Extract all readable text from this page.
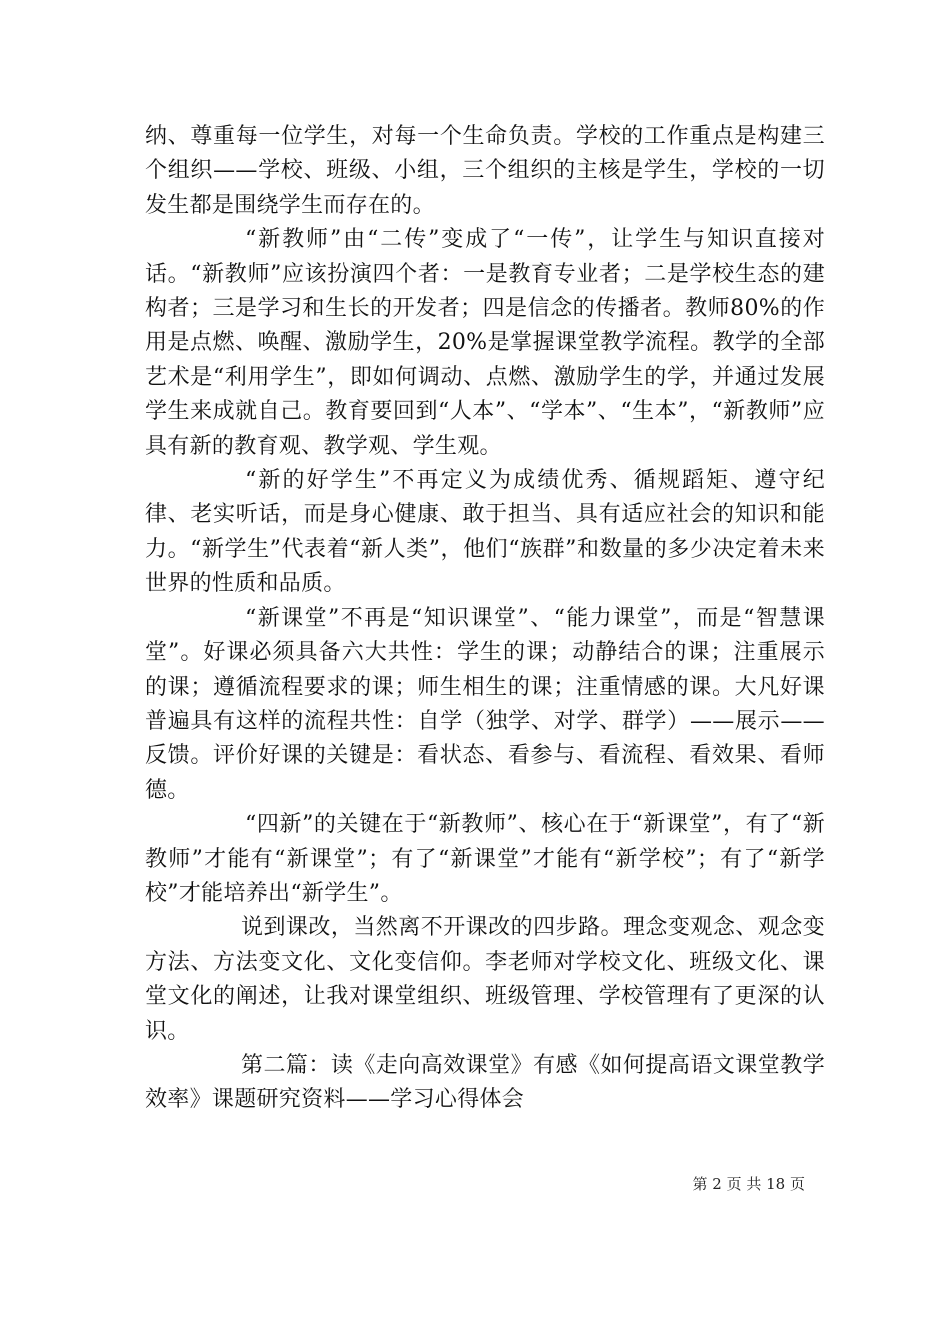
纳、尊重每一位学生，对每一个生命负责。学校的工作重点是构建三个组织——学校、班级、小组，三个组织的主核是学生，学校的一切发生都是围绕学生而存在的。

“新教师”由“二传”变成了“一传”，让学生与知识直接对话。“新教师”应该扮演四个者：一是教育专业者；二是学校生态的建构者；三是学习和生长的开发者；四是信念的传播者。教师80%的作用是点燃、唤醒、激励学生，20%是掌握课堂教学流程。教学的全部艺术是“利用学生”，即如何调动、点燃、激励学生的学，并通过发展学生来成就自己。教育要回到“人本”、“学本”、“生本”，“新教师”应具有新的教育观、教学观、学生观。

“新的好学生”不再定义为成绩优秀、循规蹈矩、遵守纪律、老实听话，而是身心健康、敢于担当、具有适应社会的知识和能力。“新学生”代表着“新人类”，他们“族群”和数量的多少决定着未来世界的性质和品质。

“新课堂”不再是“知识课堂”、“能力课堂”，而是“智慧课堂”。好课必须具备六大共性：学生的课；动静结合的课；注重展示的课；遵循流程要求的课；师生相生的课；注重情感的课。大凡好课普遍具有这样的流程共性：自学（独学、对学、群学）——展示——反馈。评价好课的关键是：看状态、看参与、看流程、看效果、看师德。

“四新”的关键在于“新教师”、核心在于“新课堂”，有了“新教师”才能有“新课堂”；有了“新课堂”才能有“新学校”；有了“新学校”才能培养出“新学生”。

说到课改，当然离不开课改的四步路。理念变观念、观念变方法、方法变文化、文化变信仰。李老师对学校文化、班级文化、课堂文化的阐述，让我对课堂组织、班级管理、学校管理有了更深的认识。

第二篇：读《走向高效课堂》有感《如何提高语文课堂教学效率》课题研究资料——学习心得体会

第 2 页 共 18 页
